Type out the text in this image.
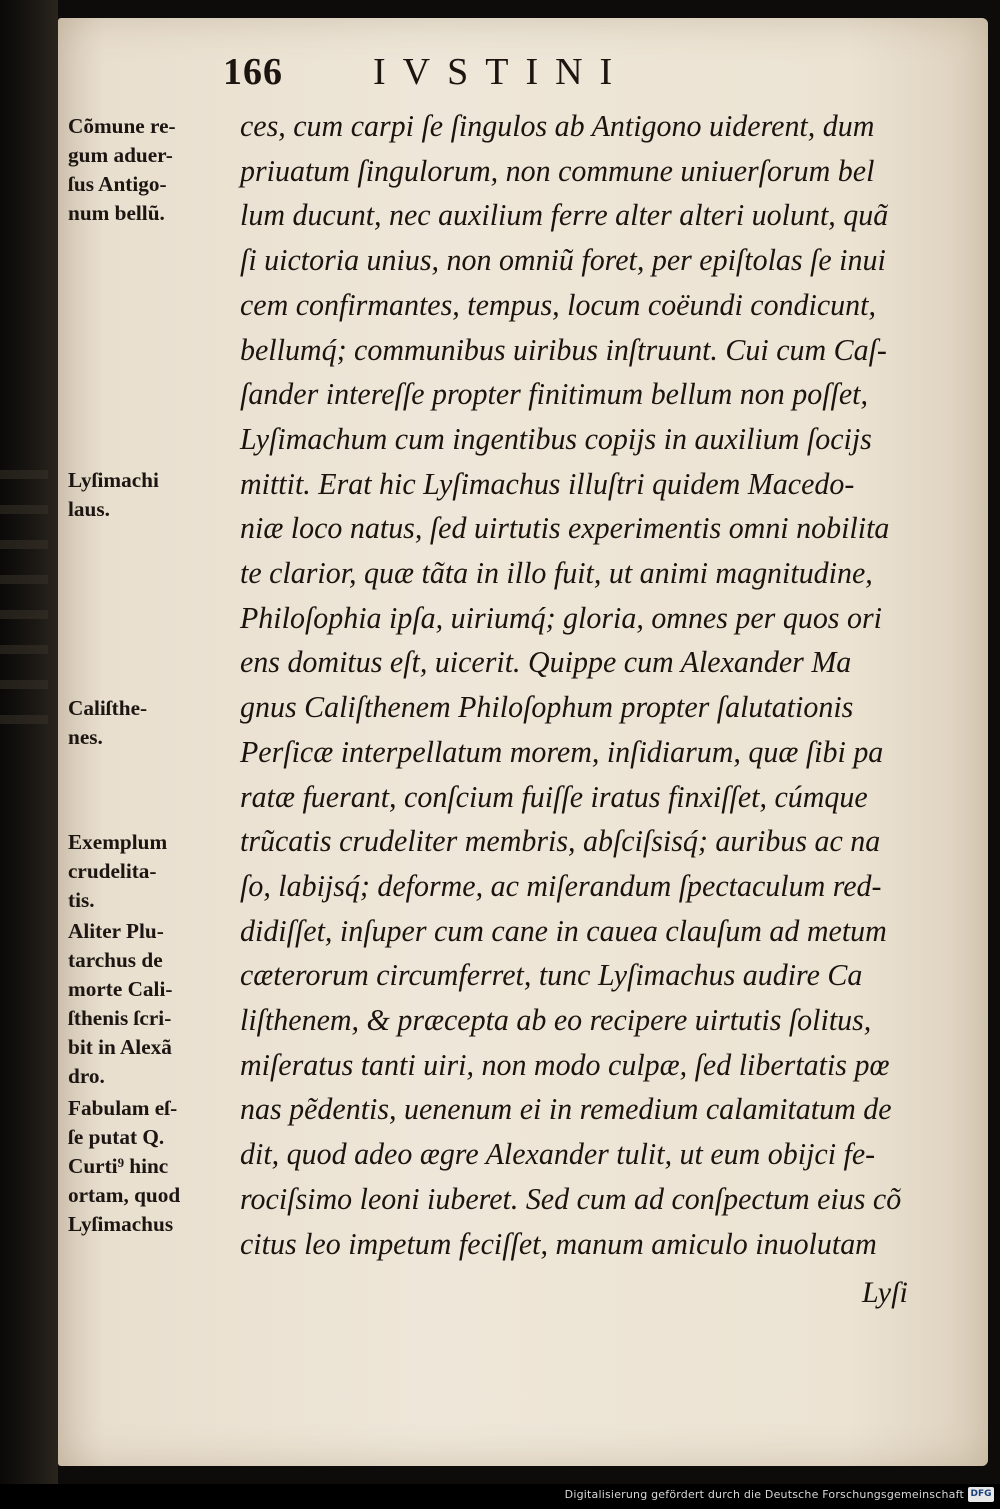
166 IVSTINI
Cõmune re-
gum aduer-
ſus Antigo-
num bellũ.
Lyſimachi
laus.
Caliſthe-
nes.
Exemplum
crudelita-
tis.
Aliter Plu-
tarchus de
morte Cali-
ſthenis ſcri-
bit in Alexã
dro.
Fabulam eſ-
ſe putat Q.
Curti⁹ hinc
ortam, quod
Lyſimachus
ces, cum carpi ſe ſingulos ab Antigono uiderent, dum
priuatum ſingulorum, non commune uniuerſorum bel
lum ducunt, nec auxilium ferre alter alteri uolunt, quã
ſi uictoria unius, non omniũ foret, per epiſtolas ſe inui
cem confirmantes, tempus, locum coëundi condicunt,
bellumq́; communibus uiribus inſtruunt. Cui cum Caſ-
ſander intereſſe propter finitimum bellum non poſſet,
Lyſimachum cum ingentibus copijs in auxilium ſocijs
mittit. Erat hic Lyſimachus illuſtri quidem Macedo-
niæ loco natus, ſed uirtutis experimentis omni nobilita
te clarior, quæ tãta in illo fuit, ut animi magnitudine,
Philoſophia ipſa, uiriumq́; gloria, omnes per quos ori
ens domitus eſt, uicerit. Quippe cum Alexander Ma
gnus Caliſthenem Philoſophum propter ſalutationis
Perſicæ interpellatum morem, inſidiarum, quæ ſibi pa
ratæ fuerant, conſcium fuiſſe iratus finxiſſet, cúmque
trũcatis crudeliter membris, abſciſsisq́; auribus ac na
ſo, labijsq́; deforme, ac miſerandum ſpectaculum red-
didiſſet, inſuper cum cane in cauea clauſum ad metum
cæterorum circumferret, tunc Lyſimachus audire Ca
liſthenem, & præcepta ab eo recipere uirtutis ſolitus,
miſeratus tanti uiri, non modo culpæ, ſed libertatis pœ
nas pẽdentis, uenenum ei in remedium calamitatum de
dit, quod adeo ægre Alexander tulit, ut eum obijci fe-
rociſsimo leoni iuberet. Sed cum ad conſpectum eius cõ
citus leo impetum feciſſet, manum amiculo inuolutam
Lyſi
Digitalisierung gefördert durch die Deutsche Forschungsgemeinschaft DFG
